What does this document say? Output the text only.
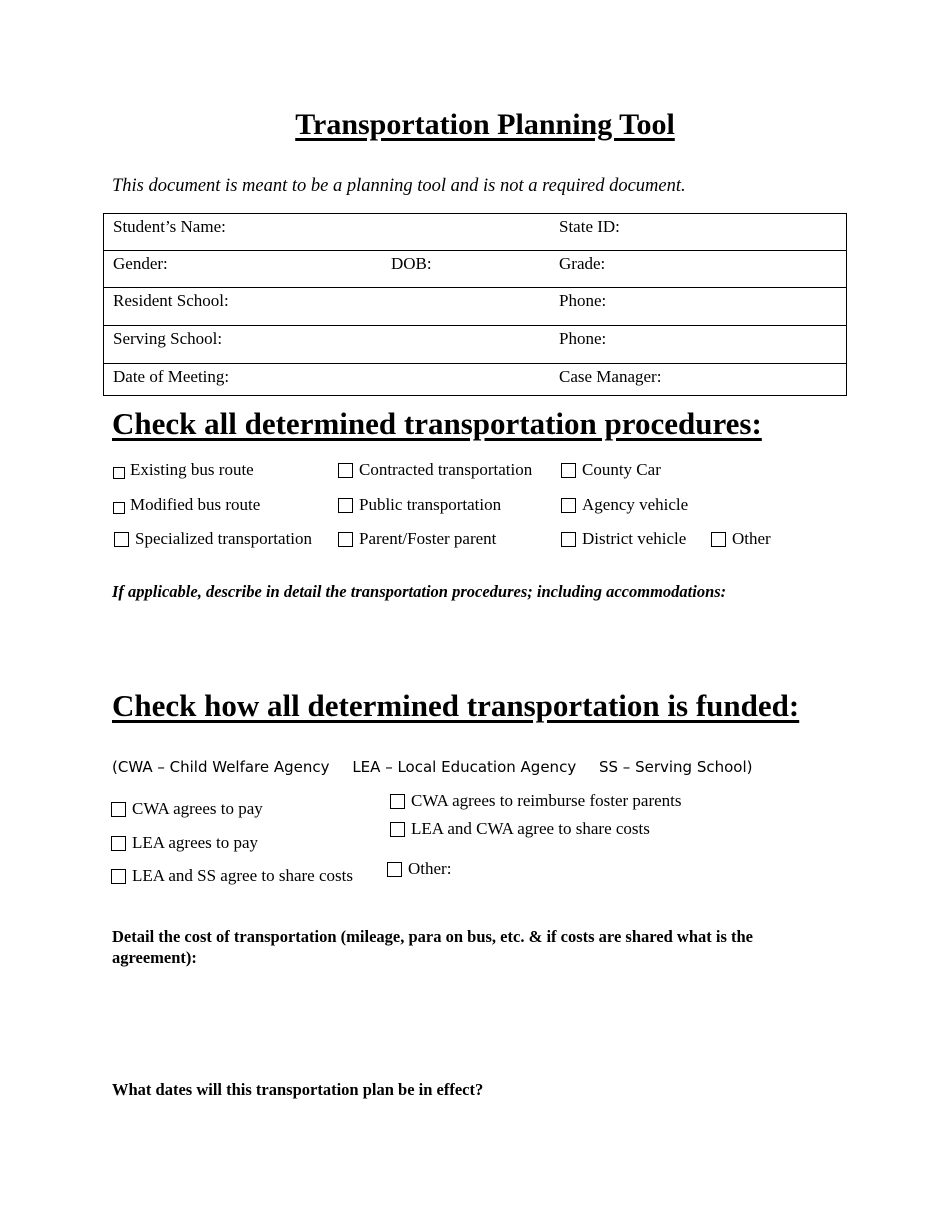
Transportation Planning Tool
This document is meant to be a planning tool and is not a required document.
Student’s Name:	State ID:
Gender:	DOB:	Grade:
Resident School:	Phone:
Serving School:	Phone:
Date of Meeting:	Case Manager:
Check all determined transportation procedures:
Existing bus route	Contracted transportation	County Car
Modified bus route	Public transportation	Agency vehicle
Specialized transportation	Parent/Foster parent	District vehicle	Other
If applicable, describe in detail the transportation procedures; including accommodations:
Check how all determined transportation is funded:
(CWA – Child Welfare Agency LEA – Local Education Agency SS – Serving School)
CWA agrees to pay
LEA agrees to pay
LEA and SS agree to share costs
CWA agrees to reimburse foster parents
LEA and CWA agree to share costs
Other:
Detail the cost of transportation (mileage, para on bus, etc. & if costs are shared what is the agreement):
What dates will this transportation plan be in effect?
